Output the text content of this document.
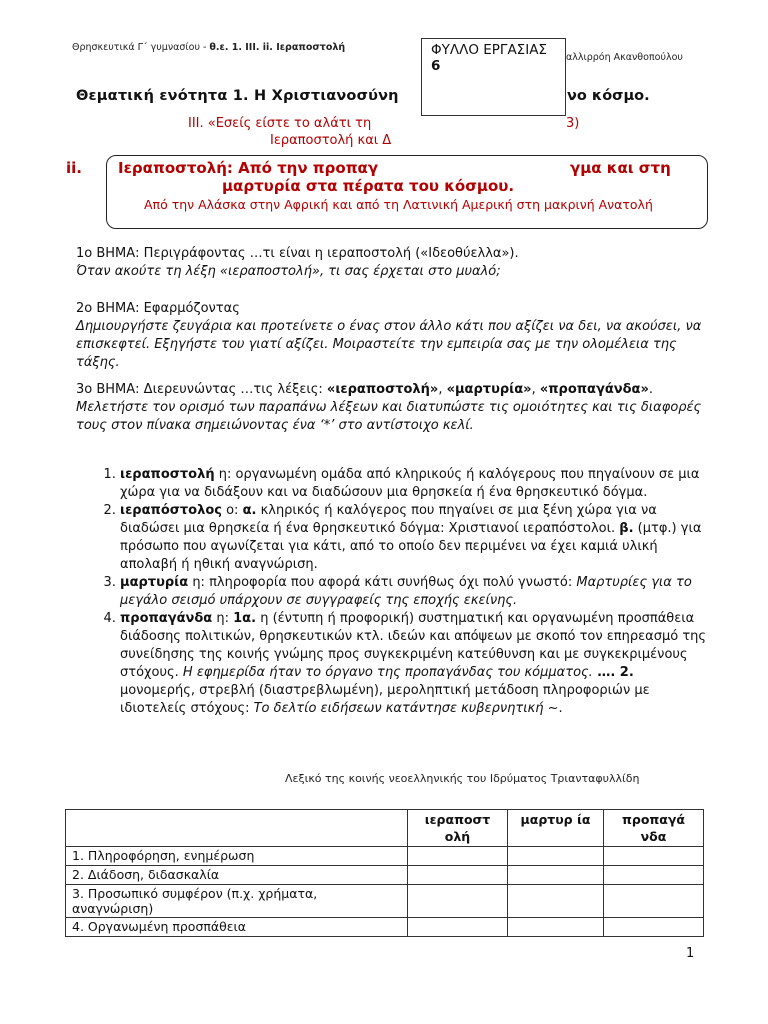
Θρησκευτικά Γ΄ γυμνασίου - θ.ε. 1. ΙΙΙ. ii. Ιεραποστολή
αλλιρρόη Ακανθοπούλου
ΦΥΛΛΟ ΕΡΓΑΣΙΑΣ 6
Θεματική ενότητα 1. Η Χριστιανοσύνη	νο κόσμο.
ΙΙΙ. «Εσείς είστε το αλάτι τη	3)
Ιεραποστολή και Δ
ii. Ιεραποστολή: Από την προπαγ	γμα και στη
μαρτυρία στα πέρατα του κόσμου.
Από την Αλάσκα στην Αφρική και από τη Λατινική Αμερική στη μακρινή Ανατολή
1ο ΒΗΜΑ: Περιγράφοντας …τι είναι η ιεραποστολή («Ιδεοθύελλα»).
Όταν ακούτε τη λέξη «ιεραποστολή», τι σας έρχεται στο μυαλό;
2ο ΒΗΜΑ: Εφαρμόζοντας
Δημιουργήστε ζευγάρια και προτείνετε ο ένας στον άλλο κάτι που αξίζει να δει, να ακούσει, να επισκεφτεί. Εξηγήστε του γιατί αξίζει. Μοιραστείτε την εμπειρία σας με την ολομέλεια της τάξης.
3ο ΒΗΜΑ: Διερευνώντας …τις λέξεις: «ιεραποστολή», «μαρτυρία», «προπαγάνδα».
Μελετήστε τον ορισμό των παραπάνω λέξεων και διατυπώστε τις ομοιότητες και τις διαφορές τους στον πίνακα σημειώνοντας ένα ‘*’ στο αντίστοιχο κελί.
1. ιεραποστολή η: οργανωμένη ομάδα από κληρικούς ή καλόγερους που πηγαίνουν σε μια χώρα για να διδάξουν και να διαδώσουν μια θρησκεία ή ένα θρησκευτικό δόγμα.
2. ιεραπόστολος ο: α. κληρικός ή καλόγερος που πηγαίνει σε μια ξένη χώρα για να διαδώσει μια θρησκεία ή ένα θρησκευτικό δόγμα: Χριστιανοί ιεραπόστολοι. β. (μτφ.) για πρόσωπο που αγωνίζεται για κάτι, από το οποίο δεν περιμένει να έχει καμιά υλική απολαβή ή ηθική αναγνώριση.
3. μαρτυρία η: πληροφορία που αφορά κάτι συνήθως όχι πολύ γνωστό: Μαρτυρίες για το μεγάλο σεισμό υπάρχουν σε συγγραφείς της εποχής εκείνης.
4. προπαγάνδα η: 1α. η (έντυπη ή προφορική) συστηματική και οργανωμένη προσπάθεια διάδοσης πολιτικών, θρησκευτικών κτλ. ιδεών και απόψεων με σκοπό τον επηρεασμό της συνείδησης της κοινής γνώμης προς συγκεκριμένη κατεύθυνση και με συγκεκριμένους στόχους. Η εφημερίδα ήταν το όργανο της προπαγάνδας του κόμματος. …. 2. μονομερής, στρεβλή (διαστρεβλωμένη), μεροληπτική μετάδοση πληροφοριών με ιδιοτελείς στόχους: Το δελτίο ειδήσεων κατάντησε κυβερνητική ~.
Λεξικό της κοινής νεοελληνικής του Ιδρύματος Τριανταφυλλίδη
	ιεραποστ ολή	μαρτυρ ία	προπαγά νδα
1. Πληροφόρηση, ενημέρωση			
2. Διάδοση, διδασκαλία			
3. Προσωπικό συμφέρον (π.χ. χρήματα, αναγνώριση)			
4. Οργανωμένη προσπάθεια			
1
